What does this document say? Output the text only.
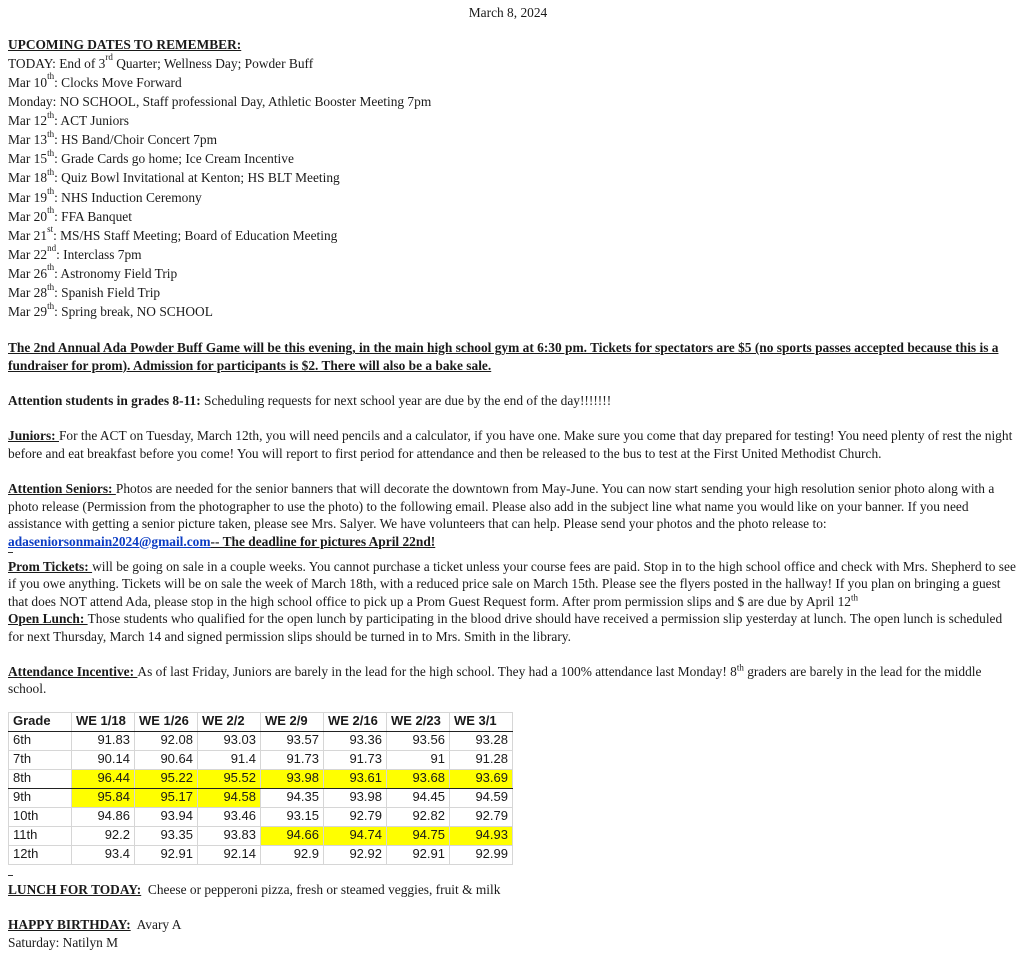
March 8, 2024
UPCOMING DATES TO REMEMBER:
TODAY: End of 3rd Quarter; Wellness Day; Powder Buff
Mar 10th: Clocks Move Forward
Monday: NO SCHOOL, Staff professional Day, Athletic Booster Meeting 7pm
Mar 12th: ACT Juniors
Mar 13th: HS Band/Choir Concert 7pm
Mar 15th: Grade Cards go home; Ice Cream Incentive
Mar 18th: Quiz Bowl Invitational at Kenton; HS BLT Meeting
Mar 19th: NHS Induction Ceremony
Mar 20th: FFA Banquet
Mar 21st: MS/HS Staff Meeting; Board of Education Meeting
Mar 22nd: Interclass 7pm
Mar 26th: Astronomy Field Trip
Mar 28th: Spanish Field Trip
Mar 29th: Spring break, NO SCHOOL

The 2nd Annual Ada Powder Buff Game will be this evening, in the main high school gym at 6:30 pm. Tickets for spectators are $5 (no sports passes accepted because this is a fundraiser for prom). Admission for participants is $2. There will also be a bake sale.

Attention students in grades 8-11: Scheduling requests for next school year are due by the end of the day!!!!!!!

Juniors: For the ACT on Tuesday, March 12th, you will need pencils and a calculator, if you have one. Make sure you come that day prepared for testing! You need plenty of rest the night before and eat breakfast before you come! You will report to first period for attendance and then be released to the bus to test at the First United Methodist Church.

Attention Seniors: Photos are needed for the senior banners that will decorate the downtown from May-June. You can now start sending your high resolution senior photo along with a photo release (Permission from the photographer to use the photo) to the following email. Please also add in the subject line what name you would like on your banner. If you need assistance with getting a senior picture taken, please see Mrs. Salyer. We have volunteers that can help. Please send your photos and the photo release to:
adaseniorsonmain2024@gmail.com-- The deadline for pictures April 22nd!

Prom Tickets: will be going on sale in a couple weeks. You cannot purchase a ticket unless your course fees are paid. Stop in to the high school office and check with Mrs. Shepherd to see if you owe anything. Tickets will be on sale the week of March 18th, with a reduced price sale on March 15th. Please see the flyers posted in the hallway! If you plan on bringing a guest that does NOT attend Ada, please stop in the high school office to pick up a Prom Guest Request form. After prom permission slips and $ are due by April 12th

Open Lunch: Those students who qualified for the open lunch by participating in the blood drive should have received a permission slip yesterday at lunch. The open lunch is scheduled for next Thursday, March 14 and signed permission slips should be turned in to Mrs. Smith in the library.

Attendance Incentive: As of last Friday, Juniors are barely in the lead for the high school. They had a 100% attendance last Monday! 8th graders are barely in the lead for the middle school.

Grade	WE 1/18	WE 1/26	WE 2/2	WE 2/9	WE 2/16	WE 2/23	WE 3/1
6th	91.83	92.08	93.03	93.57	93.36	93.56	93.28
7th	90.14	90.64	91.4	91.73	91.73	91	91.28
8th	96.44	95.22	95.52	93.98	93.61	93.68	93.69
9th	95.84	95.17	94.58	94.35	93.98	94.45	94.59
10th	94.86	93.94	93.46	93.15	92.79	92.82	92.79
11th	92.2	93.35	93.83	94.66	94.74	94.75	94.93
12th	93.4	92.91	92.14	92.9	92.92	92.91	92.99

LUNCH FOR TODAY:  Cheese or pepperoni pizza, fresh or steamed veggies, fruit & milk

HAPPY BIRTHDAY:  Avary A

Saturday: Natilyn M
